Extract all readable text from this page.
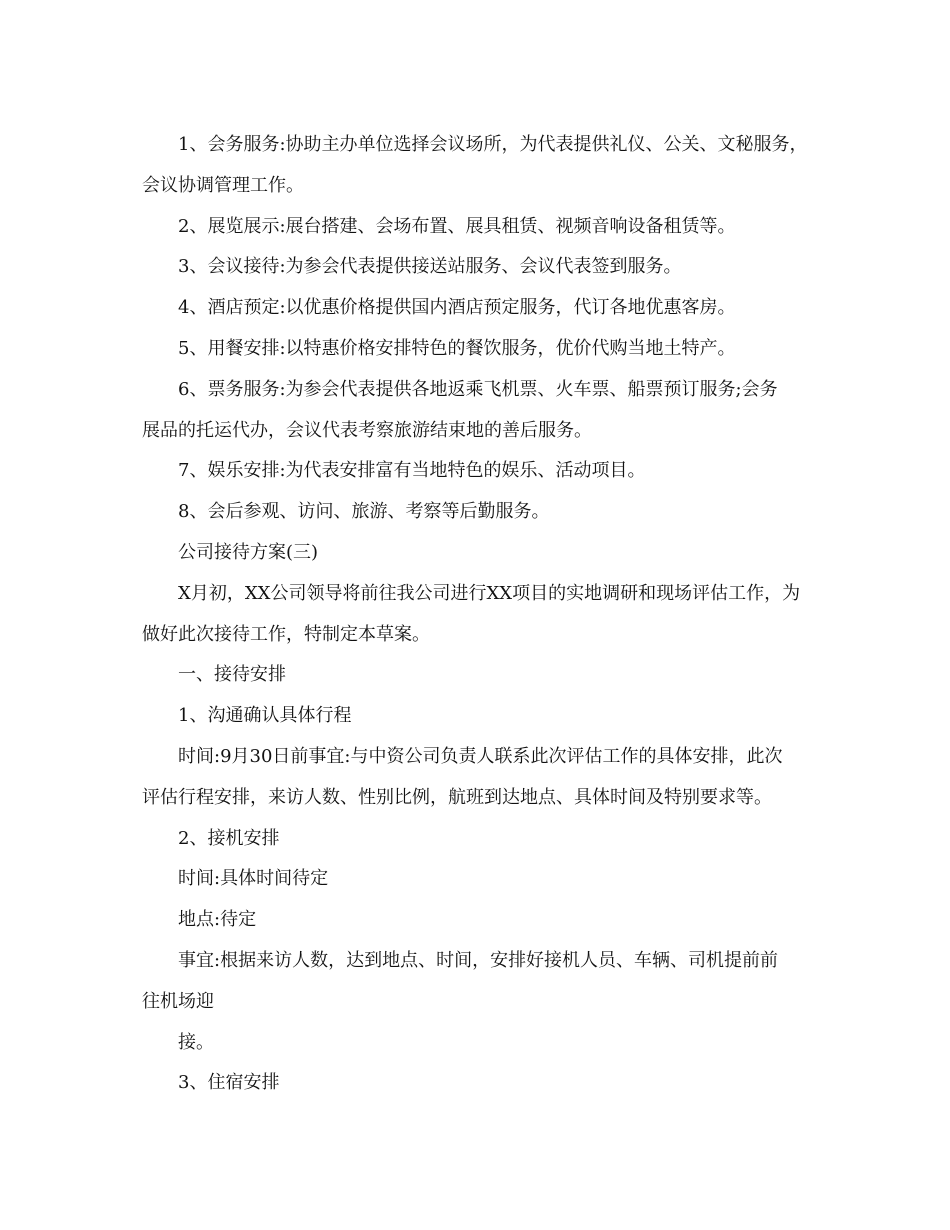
1、会务服务:协助主办单位选择会议场所，为代表提供礼仪、公关、文秘服务，
会议协调管理工作。

2、展览展示:展台搭建、会场布置、展具租赁、视频音响设备租赁等。

3、会议接待:为参会代表提供接送站服务、会议代表签到服务。

4、酒店预定:以优惠价格提供国内酒店预定服务，代订各地优惠客房。

5、用餐安排:以特惠价格安排特色的餐饮服务，优价代购当地土特产。

6、票务服务:为参会代表提供各地返乘飞机票、火车票、船票预订服务;会务
展品的托运代办，会议代表考察旅游结束地的善后服务。

7、娱乐安排:为代表安排富有当地特色的娱乐、活动项目。

8、会后参观、访问、旅游、考察等后勤服务。

公司接待方案(三)

X月初，XX公司领导将前往我公司进行XX项目的实地调研和现场评估工作，为
做好此次接待工作，特制定本草案。

一、接待安排

1、沟通确认具体行程

时间:9月30日前事宜:与中资公司负责人联系此次评估工作的具体安排，此次
评估行程安排，来访人数、性别比例，航班到达地点、具体时间及特别要求等。

2、接机安排

时间:具体时间待定

地点:待定

事宜:根据来访人数，达到地点、时间，安排好接机人员、车辆、司机提前前
往机场迎

接。

3、住宿安排
